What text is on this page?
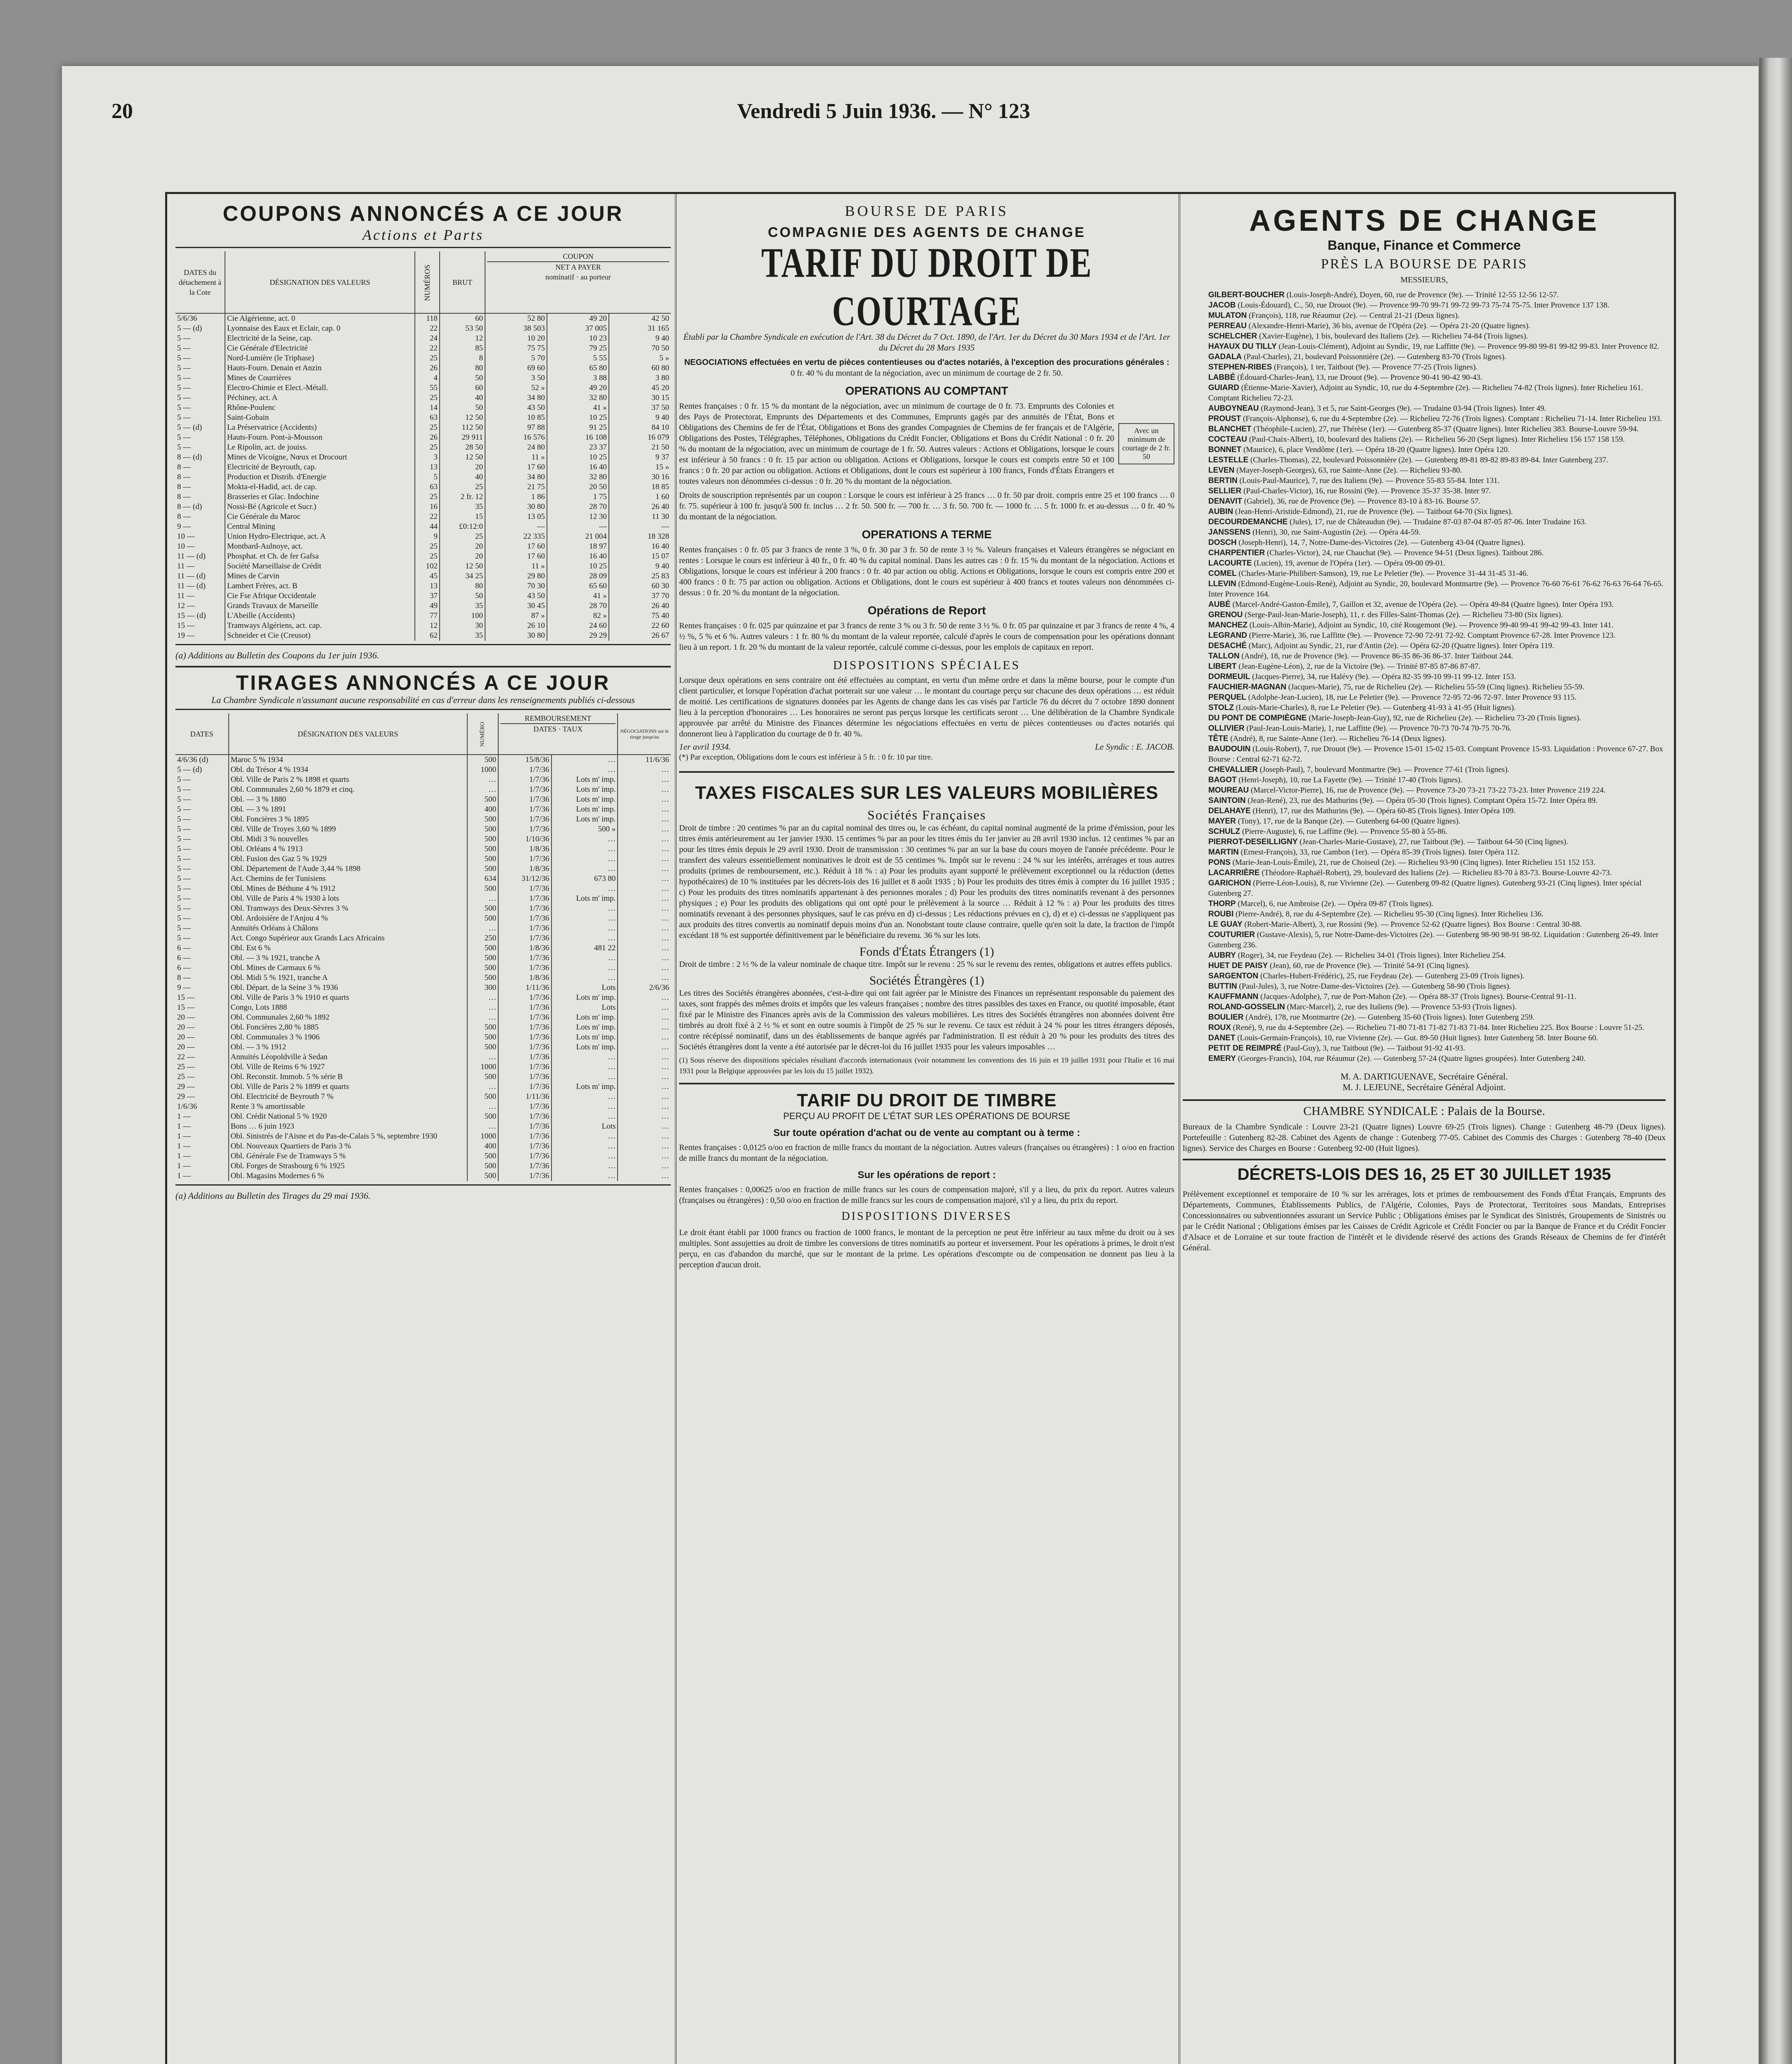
Vendredi 5 Juin 1936. — N° 123
20
COUPONS ANNONCÉS A CE JOUR
Actions et Parts
DATES du détachement à la Cote	DÉSIGNATION DES VALEURS	NUMÉROS	BRUT	COUPON
NET A PAYER
nominatif · au porteur		

5/6/36	Cie Algérienne, act. 0	118	60	52 80	49 20	42 50
5 — (d)	Lyonnaise des Eaux et Eclair, cap. 0	22	53 50	38 503	37 005	31 165
5 —	Electricité de la Seine, cap.	24	12	10 20	10 23	9 40
5 —	Cie Générale d'Electricité	22	85	75 75	79 25	70 50
5 —	Nord-Lumière (le Triphase)	25	8	5 70	5 55	5 »
5 —	Hauts-Fourn. Denain et Anzin	26	80	69 60	65 80	60 80
5 —	Mines de Courrières	4	50	3 50	3 88	3 80
5 —	Electro-Chimie et Elect.-Métall.	55	60	52 »	49 20	45 20
5 —	Péchiney, act. A	25	40	34 80	32 80	30 15
5 —	Rhône-Poulenc	14	50	43 50	41 »	37 50
5 —	Saint-Gobain	63	12 50	10 85	10 25	9 40
5 — (d)	La Préservatrice (Accidents)	25	112 50	97 88	91 25	84 10
5 —	Hauts-Fourn. Pont-à-Mousson	26	29 911	16 576	16 108	16 079
5 —	Le Ripolin, act. de jouiss.	25	28 50	24 80	23 37	21 50
8 — (d)	Mines de Vicoigne, Nœux et Drocourt	3	12 50	11 »	10 25	9 37
8 —	Electricité de Beyrouth, cap.	13	20	17 60	16 40	15 »
8 —	Production et Distrib. d'Energie	5	40	34 80	32 80	30 16
8 —	Mokta-el-Hadid, act. de cap.	63	25	21 75	20 50	18 85
8 —	Brasseries et Glac. Indochine	25	2 fr. 12	1 86	1 75	1 60
8 — (d)	Nossi-Bé (Agricole et Sucr.)	16	35	30 80	28 70	26 40
8 —	Cie Générale du Maroc	22	15	13 05	12 30	11 30
9 —	Central Mining	44	£0:12:0	—	—	—
10 —	Union Hydro-Electrique, act. A	9	25	22 335	21 004	18 328
10 —	Montbard-Aulnoye, act.	25	20	17 60	18 97	16 40
11 — (d)	Phosphat. et Ch. de fer Gafsa	25	20	17 60	16 40	15 07
11 —	Société Marseillaise de Crédit	102	12 50	11 »	10 25	9 40
11 — (d)	Mines de Carvin	45	34 25	29 80	28 09	25 83
11 — (d)	Lambert Frères, act. B	13	80	70 30	65 60	60 30
11 —	Cie Fse Afrique Occidentale	37	50	43 50	41 »	37 70
12 —	Grands Travaux de Marseille	49	35	30 45	28 70	26 40
15 — (d)	L'Abeille (Accidents)	77	100	87 »	82 »	75 40
15 —	Tramways Algériens, act. cap.	12	30	26 10	24 60	22 60
19 —	Schneider et Cie (Creusot)	62	35	30 80	29 29	26 67
(a) Additions au Bulletin des Coupons du 1er juin 1936.
TIRAGES ANNONCÉS A CE JOUR
La Chambre Syndicale n'assumant aucune responsabilité en cas d'erreur dans les renseignements publiés ci-dessous
DATES	DÉSIGNATION DES VALEURS	NUMÉRO	REMBOURSEMENT
DATES · TAUX		NÉGOCIATIONS sur le tirage jusqu'au
4/6/36 (d)	Maroc 5 % 1934	500	15/8/36	…	11/6/36
5 — (d)	Obl. du Trésor 4 % 1934	1000	1/7/36	…	…
5 —	Obl. Ville de Paris 2 % 1898 et quarts	…	1/7/36	Lots m' imp.	…
5 —	Obl. Communales 2,60 % 1879 et cinq.	…	1/7/36	Lots m' imp.	…
5 —	Obl. — 3 % 1880	500	1/7/36	Lots m' imp.	…
5 —	Obl. — 3 % 1891	400	1/7/36	Lots m' imp.	…
5 —	Obl. Foncières 3 % 1895	500	1/7/36	Lots m' imp.	…
5 —	Obl. Ville de Troyes 3,60 % 1899	500	1/7/36	500 »	…
5 —	Obl. Midi 3 % nouvelles	500	1/10/36	…	…
5 —	Obl. Orléans 4 % 1913	500	1/8/36	…	…
5 —	Obl. Fusion des Gaz 5 % 1929	500	1/7/36	…	…
5 —	Obl. Département de l'Aude 3,44 % 1898	500	1/8/36	…	…
5 —	Act. Chemins de fer Tunisiens	634	31/12/36	673 80	…
5 —	Obl. Mines de Béthune 4 % 1912	500	1/7/36	…	…
5 —	Obl. Ville de Paris 4 % 1930 à lots	…	1/7/36	Lots m' imp.	…
5 —	Obl. Tramways des Deux-Sèvres 3 %	500	1/7/36	…	…
5 —	Obl. Ardoisière de l'Anjou 4 %	500	1/7/36	…	…
5 —	Annuités Orléans à Châlons	…	1/7/36	…	…
5 —	Act. Congo Supérieur aux Grands Lacs Africains	250	1/7/36	…	…
6 —	Obl. Est 6 %	500	1/8/36	481 22	…
6 —	Obl. — 3 % 1921, tranche A	500	1/7/36	…	…
6 —	Obl. Mines de Carmaux 6 %	500	1/7/36	…	…
8 —	Obl. Midi 5 % 1921, tranche A	500	1/8/36	…	…
9 —	Obl. Départ. de la Seine 3 % 1936	300	1/11/36	Lots	2/6/36
15 —	Obl. Ville de Paris 3 % 1910 et quarts	…	1/7/36	Lots m' imp.	…
15 —	Congo, Lots 1888	…	1/7/36	Lots	…
20 —	Obl. Communales 2,60 % 1892	…	1/7/36	Lots m' imp.	…
20 —	Obl. Foncières 2,80 % 1885	500	1/7/36	Lots m' imp.	…
20 —	Obl. Communales 3 % 1906	500	1/7/36	Lots m' imp.	…
20 —	Obl. — 3 % 1912	500	1/7/36	Lots m' imp.	…
22 —	Annuités Léopoldville à Sedan	…	1/7/36	…	…
25 —	Obl. Ville de Reims 6 % 1927	1000	1/7/36	…	…
25 —	Obl. Reconstit. Immob. 5 % série B	500	1/7/36	…	…
29 —	Obl. Ville de Paris 2 % 1899 et quarts	…	1/7/36	Lots m' imp.	…
29 —	Obl. Electricité de Beyrouth 7 %	500	1/11/36	…	…
1/6/36	Rente 3 % amortissable	…	1/7/36	…	…
1 —	Obl. Crédit National 5 % 1920	500	1/7/36	…	…
1 —	Bons … 6 juin 1923	…	1/7/36	Lots	…
1 —	Obl. Sinistrés de l'Aisne et du Pas-de-Calais 5 %, septembre 1930	1000	1/7/36	…	…
1 —	Obl. Nouveaux Quartiers de Paris 3 %	400	1/7/36	…	…
1 —	Obl. Générale Fse de Tramways 5 %	500	1/7/36	…	…
1 —	Obl. Forges de Strasbourg 6 % 1925	500	1/7/36	…	…
1 —	Obl. Magasins Modernes 6 %	500	1/7/36	…	…
(a) Additions au Bulletin des Tirages du 29 mai 1936.
BOURSE DE PARIS
COMPAGNIE DES AGENTS DE CHANGE
TARIF DU DROIT DE COURTAGE

Établi par la Chambre Syndicale en exécution de l'Art. 38 du Décret du 7 Oct. 1890, de l'Art. 1er du Décret du 30 Mars 1934 et de l'Art. 1er du Décret du 28 Mars 1935

NEGOCIATIONS effectuées en vertu de pièces contentieuses ou d'actes notariés, à l'exception des procurations générales :

0 fr. 40 % du montant de la négociation, avec un minimum de courtage de 2 fr. 50.

OPERATIONS AU COMPTANT

Rentes françaises : 0 fr. 15 % du montant de la négociation, avec un minimum de courtage de 0 fr. 73. Emprunts des Colonies et des Pays de Protectorat, Emprunts des Départements et des Communes, Emprunts gagés par des annuités de l'État, Bons et Obligations des Chemins de fer de l'État, Obligations et Bons des grandes Compagnies de Chemins de fer français et de l'Algérie, Obligations des Postes, Télégraphes, Téléphones, Obligations du Crédit Foncier, Obligations et Bons du Crédit National : 0 fr. 20 % du montant de la négociation, avec un minimum de courtage de 1 fr. 50. Autres valeurs : Actions et Obligations, lorsque le cours est inférieur à 50 francs : 0 fr. 15 par action ou obligation. Actions et Obligations, lorsque le cours est compris entre 50 et 100 francs : 0 fr. 20 par action ou obligation. Actions et Obligations, dont le cours est supérieur à 100 francs, Fonds d'États Étrangers et toutes valeurs non dénommées ci-dessus : 0 fr. 20 % du montant de la négociation.

Avec un minimum de courtage de 2 fr. 50

Droits de souscription représentés par un coupon : Lorsque le cours est inférieur à 25 francs … 0 fr. 50 par droit. compris entre 25 et 100 francs … 0 fr. 75. supérieur à 100 fr. jusqu'à 500 fr. inclus … 2 fr. 50. 500 fr. — 700 fr. … 3 fr. 50. 700 fr. — 1000 fr. … 5 fr. 1000 fr. et au-dessus … 0 fr. 40 % du montant de la négociation.

OPERATIONS A TERME

Rentes françaises : 0 fr. 05 par 3 francs de rente 3 %, 0 fr. 30 par 3 fr. 50 de rente 3 ½ %. Valeurs françaises et Valeurs étrangères se négociant en rentes : Lorsque le cours est inférieur à 40 fr., 0 fr. 40 % du capital nominal. Dans les autres cas : 0 fr. 15 % du montant de la négociation. Actions et Obligations, lorsque le cours est inférieur à 200 francs : 0 fr. 40 par action ou oblig. Actions et Obligations, lorsque le cours est compris entre 200 et 400 francs : 0 fr. 75 par action ou obligation. Actions et Obligations, dont le cours est supérieur à 400 francs et toutes valeurs non dénommées ci-dessus : 0 fr. 20 % du montant de la négociation.

Opérations de Report

Rentes françaises : 0 fr. 025 par quinzaine et par 3 francs de rente 3 % ou 3 fr. 50 de rente 3 ½ %. 0 fr. 05 par quinzaine et par 3 francs de rente 4 %, 4 ½ %, 5 % et 6 %. Autres valeurs : 1 fr. 80 % du montant de la valeur reportée, calculé d'après le cours de compensation pour les opérations donnant lieu à un report. 1 fr. 20 % du montant de la valeur reportée, calculé comme ci-dessus, pour les emplois de capitaux en report.

DISPOSITIONS SPÉCIALES

Lorsque deux opérations en sens contraire ont été effectuées au comptant, en vertu d'un même ordre et dans la même bourse, pour le compte d'un client particulier, et lorsque l'opération d'achat porterait sur une valeur … le montant du courtage perçu sur chacune des deux opérations … est réduit de moitié. Les certifications de signatures données par les Agents de change dans les cas visés par l'article 76 du décret du 7 octobre 1890 donnent lieu à la perception d'honoraires … Les honoraires ne seront pas perçus lorsque les certificats seront … Une délibération de la Chambre Syndicale approuvée par arrêté du Ministre des Finances détermine les négociations effectuées en vertu de pièces contentieuses ou d'actes notariés qui donneront lieu à l'application du courtage de 0 fr. 40 %.

1er avril 1934.	Le Syndic : E. JACOB.

(*) Par exception, Obligations dont le cours est inférieur à 5 fr. : 0 fr. 10 par titre.

TAXES FISCALES SUR LES VALEURS MOBILIÈRES
Sociétés Françaises

Droit de timbre : 20 centimes % par an du capital nominal des titres ou, le cas échéant, du capital nominal augmenté de la prime d'émission, pour les titres émis antérieurement au 1er janvier 1930. 15 centimes % par an pour les titres émis du 1er janvier au 28 avril 1930 inclus. 12 centimes % par an pour les titres émis depuis le 29 avril 1930. Droit de transmission : 30 centimes % par an sur la base du cours moyen de l'année précédente. Pour le transfert des valeurs essentiellement nominatives le droit est de 55 centimes %. Impôt sur le revenu : 24 % sur les intérêts, arrérages et tous autres produits (primes de remboursement, etc.). Réduit à 18 % : a) Pour les produits ayant supporté le prélèvement exceptionnel ou la réduction (dettes hypothécaires) de 10 % instituées par les décrets-lois des 16 juillet et 8 août 1935 ; b) Pour les produits des titres émis à compter du 16 juillet 1935 ; c) Pour les produits des titres nominatifs appartenant à des personnes morales ; d) Pour les produits des titres nominatifs revenant à des personnes physiques ; e) Pour les produits des obligations qui ont opté pour le prélèvement à la source … Réduit à 12 % : a) Pour les produits des titres nominatifs revenant à des personnes physiques, sauf le cas prévu en d) ci-dessus ; Les réductions prévues en c), d) et e) ci-dessus ne s'appliquent pas aux produits des titres convertis au nominatif depuis moins d'un an. Nonobstant toute clause contraire, quelle qu'en soit la date, la fraction de l'impôt excédant 18 % est supportée définitivement par le bénéficiaire du revenu. 36 % sur les lots.

Fonds d'États Étrangers (1)

Droit de timbre : 2 ½ % de la valeur nominale de chaque titre. Impôt sur le revenu : 25 % sur le revenu des rentes, obligations et autres effets publics.

Sociétés Étrangères (1)

Les titres des Sociétés étrangères abonnées, c'est-à-dire qui ont fait agréer par le Ministre des Finances un représentant responsable du paiement des taxes, sont frappés des mêmes droits et impôts que les valeurs françaises ; nombre des titres passibles des taxes en France, ou quotité imposable, étant fixé par le Ministre des Finances après avis de la Commission des valeurs mobilières. Les titres des Sociétés étrangères non abonnées doivent être timbrés au droit fixé à 2 ½ % et sont en outre soumis à l'impôt de 25 % sur le revenu. Ce taux est réduit à 24 % pour les titres étrangers déposés, contre récépissé nominatif, dans un des établissements de banque agréés par l'administration. Il est réduit à 20 % pour les produits des titres des Sociétés étrangères dont la vente a été autorisée par le décret-loi du 16 juillet 1935 pour les valeurs imposables …

(1) Sous réserve des dispositions spéciales résultant d'accords internationaux (voir notamment les conventions des 16 juin et 19 juillet 1931 pour l'Italie et 16 mai 1931 pour la Belgique approuvées par les lois du 15 juillet 1932).

TARIF DU DROIT DE TIMBRE
PERÇU AU PROFIT DE L'ÉTAT SUR LES OPÉRATIONS DE BOURSE
Sur toute opération d'achat ou de vente au comptant ou à terme :

Rentes françaises : 0,0125 o/oo en fraction de mille francs du montant de la négociation. Autres valeurs (françaises ou étrangères) : 1 o/oo en fraction de mille francs du montant de la négociation.

Sur les opérations de report :

Rentes françaises : 0,00625 o/oo en fraction de mille francs sur les cours de compensation majoré, s'il y a lieu, du prix du report. Autres valeurs (françaises ou étrangères) : 0,50 o/oo en fraction de mille francs sur les cours de compensation majoré, s'il y a lieu, du prix du report.

DISPOSITIONS DIVERSES

Le droit étant établi par 1000 francs ou fraction de 1000 francs, le montant de la perception ne peut être inférieur au taux même du droit ou à ses multiples. Sont assujetties au droit de timbre les conversions de titres nominatifs au porteur et inversement. Pour les opérations à primes, le droit n'est perçu, en cas d'abandon du marché, que sur le montant de la prime. Les opérations d'escompte ou de compensation ne donnent pas lieu à la perception d'aucun droit.

AGENTS DE CHANGE
Banque, Finance et Commerce
PRÈS LA BOURSE DE PARIS
MESSIEURS,
GILBERT-BOUCHER (Louis-Joseph-André), Doyen, 60, rue de Provence (9e). — Trinité 12-55 12-56 12-57.
JACOB (Louis-Édouard), C., 50, rue Drouot (9e). — Provence 99-70 99-71 99-72 99-73 75-74 75-75. Inter Provence 137 138.
MULATON (François), 118, rue Réaumur (2e). — Central 21-21 (Deux lignes).
PERREAU (Alexandre-Henri-Marie), 36 bis, avenue de l'Opéra (2e). — Opéra 21-20 (Quatre lignes).
SCHELCHER (Xavier-Eugène), 1 bis, boulevard des Italiens (2e). — Richelieu 74-84 (Trois lignes).
HAYAUX DU TILLY (Jean-Louis-Clément), Adjoint au Syndic, 19, rue Laffitte (9e). — Provence 99-80 99-81 99-82 99-83. Inter Provence 82.
GADALA (Paul-Charles), 21, boulevard Poissonnière (2e). — Gutenberg 83-70 (Trois lignes).
STEPHEN-RIBES (François), 1 ter, Taitbout (9e). — Provence 77-25 (Trois lignes).
LABBÉ (Édouard-Charles-Jean), 13, rue Drouot (9e). — Provence 90-41 90-42 90-43.
GUIARD (Étienne-Marie-Xavier), Adjoint au Syndic, 10, rue du 4-Septembre (2e). — Richelieu 74-82 (Trois lignes). Inter Richelieu 161. Comptant Richelieu 72-23.
AUBOYNEAU (Raymond-Jean), 3 et 5, rue Saint-Georges (9e). — Trudaine 03-94 (Trois lignes). Inter 49.
PROUST (François-Alphonse), 6, rue du 4-Septembre (2e). — Richelieu 72-76 (Trois lignes). Comptant : Richelieu 71-14. Inter Richelieu 193.
BLANCHET (Théophile-Lucien), 27, rue Thérèse (1er). — Gutenberg 85-37 (Quatre lignes). Inter Richelieu 383. Bourse-Louvre 59-94.
COCTEAU (Paul-Chaix-Albert), 10, boulevard des Italiens (2e). — Richelieu 56-20 (Sept lignes). Inter Richelieu 156 157 158 159.
BONNET (Maurice), 6, place Vendôme (1er). — Opéra 18-20 (Quatre lignes). Inter Opéra 120.
LESTELLE (Charles-Thomas), 22, boulevard Poissonnière (2e). — Gutenberg 89-81 89-82 89-83 89-84. Inter Gutenberg 237.
LEVEN (Mayer-Joseph-Georges), 63, rue Sainte-Anne (2e). — Richelieu 93-80.
BERTIN (Louis-Paul-Maurice), 7, rue des Italiens (9e). — Provence 55-83 55-84. Inter 131.
SELLIER (Paul-Charles-Victor), 16, rue Rossini (9e). — Provence 35-37 35-38. Inter 97.
DENAVIT (Gabriel), 36, rue de Provence (9e). — Provence 83-10 à 83-16. Bourse 57.
AUBIN (Jean-Henri-Aristide-Edmond), 21, rue de Provence (9e). — Taitbout 64-70 (Six lignes).
DECOURDEMANCHE (Jules), 17, rue de Châteaudun (9e). — Trudaine 87-03 87-04 87-05 87-06. Inter Trudaine 163.
JANSSENS (Henri), 30, rue Saint-Augustin (2e). — Opéra 44-59.
DOSCH (Joseph-Henri), 14, 7, Notre-Dame-des-Victoires (2e). — Gutenberg 43-04 (Quatre lignes).
CHARPENTIER (Charles-Victor), 24, rue Chauchat (9e). — Provence 94-51 (Deux lignes). Taitbout 286.
LACOURTE (Lucien), 19, avenue de l'Opéra (1er). — Opéra 09-00 09-01.
COMEL (Charles-Marie-Philibert-Samson), 19, rue Le Peletier (9e). — Provence 31-44 31-45 31-46.
LLEVIN (Edmond-Eugène-Louis-René), Adjoint au Syndic, 20, boulevard Montmartre (9e). — Provence 76-60 76-61 76-62 76-63 76-64 76-65. Inter Provence 164.
AUBÉ (Marcel-André-Gaston-Émile), 7, Gaillon et 32, avenue de l'Opéra (2e). — Opéra 49-84 (Quatre lignes). Inter Opéra 193.
GRENOU (Serge-Paul-Jean-Marie-Joseph), 11, r. des Filles-Saint-Thomas (2e). — Richelieu 73-80 (Six lignes).
MANCHEZ (Louis-Albin-Marie), Adjoint au Syndic, 10, cité Rougemont (9e). — Provence 99-40 99-41 99-42 99-43. Inter 141.
LEGRAND (Pierre-Marie), 36, rue Laffitte (9e). — Provence 72-90 72-91 72-92. Comptant Provence 67-28. Inter Provence 123.
DESACHÉ (Marc), Adjoint au Syndic, 21, rue d'Antin (2e). — Opéra 62-20 (Quatre lignes). Inter Opéra 119.
TALLON (André), 18, rue de Provence (9e). — Provence 86-35 86-36 86-37. Inter Taitbout 244.
LIBERT (Jean-Eugène-Léon), 2, rue de la Victoire (9e). — Trinité 87-85 87-86 87-87.
DORMEUIL (Jacques-Pierre), 34, rue Halévy (9e). — Opéra 82-35 99-10 99-11 99-12. Inter 153.
FAUCHIER-MAGNAN (Jacques-Marie), 75, rue de Richelieu (2e). — Richelieu 55-59 (Cinq lignes). Richelieu 55-59.
PERQUEL (Adolphe-Jean-Lucien), 18, rue Le Peletier (9e). — Provence 72-95 72-96 72-97. Inter Provence 93 115.
STOLZ (Louis-Marie-Charles), 8, rue Le Peletier (9e). — Gutenberg 41-93 à 41-95 (Huit lignes).
DU PONT DE COMPIÈGNE (Marie-Joseph-Jean-Guy), 92, rue de Richelieu (2e). — Richelieu 73-20 (Trois lignes).
OLLIVIER (Paul-Jean-Louis-Marie), 1, rue Laffitte (9e). — Provence 70-73 70-74 70-75 70-76.
TÊTE (André), 8, rue Sainte-Anne (1er). — Richelieu 76-14 (Deux lignes).
BAUDOUIN (Louis-Robert), 7, rue Drouot (9e). — Provence 15-01 15-02 15-03. Comptant Provence 15-93. Liquidation : Provence 67-27. Box Bourse : Central 62-71 62-72.
CHEVALLIER (Joseph-Paul), 7, boulevard Montmartre (9e). — Provence 77-61 (Trois lignes).
BAGOT (Henri-Joseph), 10, rue La Fayette (9e). — Trinité 17-40 (Trois lignes).
MOUREAU (Marcel-Victor-Pierre), 16, rue de Provence (9e). — Provence 73-20 73-21 73-22 73-23. Inter Provence 219 224.
SAINTOIN (Jean-René), 23, rue des Mathurins (9e). — Opéra 05-30 (Trois lignes). Comptant Opéra 15-72. Inter Opéra 89.
DELAHAYE (Henri), 17, rue des Mathurins (9e). — Opéra 60-85 (Trois lignes). Inter Opéra 109.
MAYER (Tony), 17, rue de la Banque (2e). — Gutenberg 64-00 (Quatre lignes).
SCHULZ (Pierre-Auguste), 6, rue Laffitte (9e). — Provence 55-80 à 55-86.
PIERROT-DESEILLIGNY (Jean-Charles-Marie-Gustave), 27, rue Taitbout (9e). — Taitbout 64-50 (Cinq lignes).
MARTIN (Ernest-François), 33, rue Cambon (1er). — Opéra 85-39 (Trois lignes). Inter Opéra 112.
PONS (Marie-Jean-Louis-Émile), 21, rue de Choiseul (2e). — Richelieu 93-90 (Cinq lignes). Inter Richelieu 151 152 153.
LACARRIÈRE (Théodore-Raphaël-Robert), 29, boulevard des Italiens (2e). — Richelieu 83-70 à 83-73. Bourse-Louvre 42-73.
GARICHON (Pierre-Léon-Louis), 8, rue Vivienne (2e). — Gutenberg 09-82 (Quatre lignes). Gutenberg 93-21 (Cinq lignes). Inter spécial Gutenberg 27.
THORP (Marcel), 6, rue Ambroise (2e). — Opéra 09-87 (Trois lignes).
ROUBI (Pierre-André), 8, rue du 4-Septembre (2e). — Richelieu 95-30 (Cinq lignes). Inter Richelieu 136.
LE GUAY (Robert-Marie-Albert), 3, rue Rossini (9e). — Provence 52-62 (Quatre lignes). Box Bourse : Central 30-88.
COUTURIER (Gustave-Alexis), 5, rue Notre-Dame-des-Victoires (2e). — Gutenberg 98-90 98-91 98-92. Liquidation : Gutenberg 26-49. Inter Gutenberg 236.
AUBRY (Roger), 34, rue Feydeau (2e). — Richelieu 34-01 (Trois lignes). Inter Richelieu 254.
HUET DE PAISY (Jean), 60, rue de Provence (9e). — Trinité 54-91 (Cinq lignes).
SARGENTON (Charles-Hubert-Frédéric), 25, rue Feydeau (2e). — Gutenberg 23-09 (Trois lignes).
BUTTIN (Paul-Jules), 3, rue Notre-Dame-des-Victoires (2e). — Gutenberg 58-90 (Trois lignes).
KAUFFMANN (Jacques-Adolphe), 7, rue de Port-Mahon (2e). — Opéra 88-37 (Trois lignes). Bourse-Central 91-11.
ROLAND-GOSSELIN (Marc-Marcel), 2, rue des Italiens (9e). — Provence 53-93 (Trois lignes).
BOULIER (André), 178, rue Montmartre (2e). — Gutenberg 35-60 (Trois lignes). Inter Gutenberg 259.
ROUX (René), 9, rue du 4-Septembre (2e). — Richelieu 71-80 71-81 71-82 71-83 71-84. Inter Richelieu 225. Box Bourse : Louvre 51-25.
DANET (Louis-Germain-François), 10, rue Vivienne (2e). — Gut. 89-50 (Huit lignes). Inter Gutenberg 58. Inter Bourse 60.
PETIT DE REIMPRÉ (Paul-Guy), 3, rue Taitbout (9e). — Taitbout 91-92 41-93.
EMERY (Georges-Francis), 104, rue Réaumur (2e). — Gutenberg 57-24 (Quatre lignes groupées). Inter Gutenberg 240.
M. A. DARTIGUENAVE, Secrétaire Général.
M. J. LEJEUNE, Secrétaire Général Adjoint.
CHAMBRE SYNDICALE : Palais de la Bourse.

Bureaux de la Chambre Syndicale : Louvre 23-21 (Quatre lignes) Louvre 69-25 (Trois lignes). Change : Gutenberg 48-79 (Deux lignes). Portefeuille : Gutenberg 82-28. Cabinet des Agents de change : Gutenberg 77-05. Cabinet des Commis des Charges : Gutenberg 78-40 (Deux lignes). Service des Charges en Bourse : Gutenberg 92-00 (Huit lignes).

DÉCRETS-LOIS DES 16, 25 ET 30 JUILLET 1935

Prélèvement exceptionnel et temporaire de 10 % sur les arrérages, lots et primes de remboursement des Fonds d'État Français, Emprunts des Départements, Communes, Établissements Publics, de l'Algérie, Colonies, Pays de Protectorat, Territoires sous Mandats, Entreprises Concessionnaires ou subventionnées assurant un Service Public ; Obligations émises par le Syndicat des Sinistrés, Groupements de Sinistrés ou par le Crédit National ; Obligations émises par les Caisses de Crédit Agricole et Crédit Foncier ou par la Banque de France et du Crédit Foncier d'Alsace et de Lorraine et sur toute fraction de l'intérêt et le dividende réservé des actions des Grands Réseaux de Chemins de fer d'intérêt Général.
